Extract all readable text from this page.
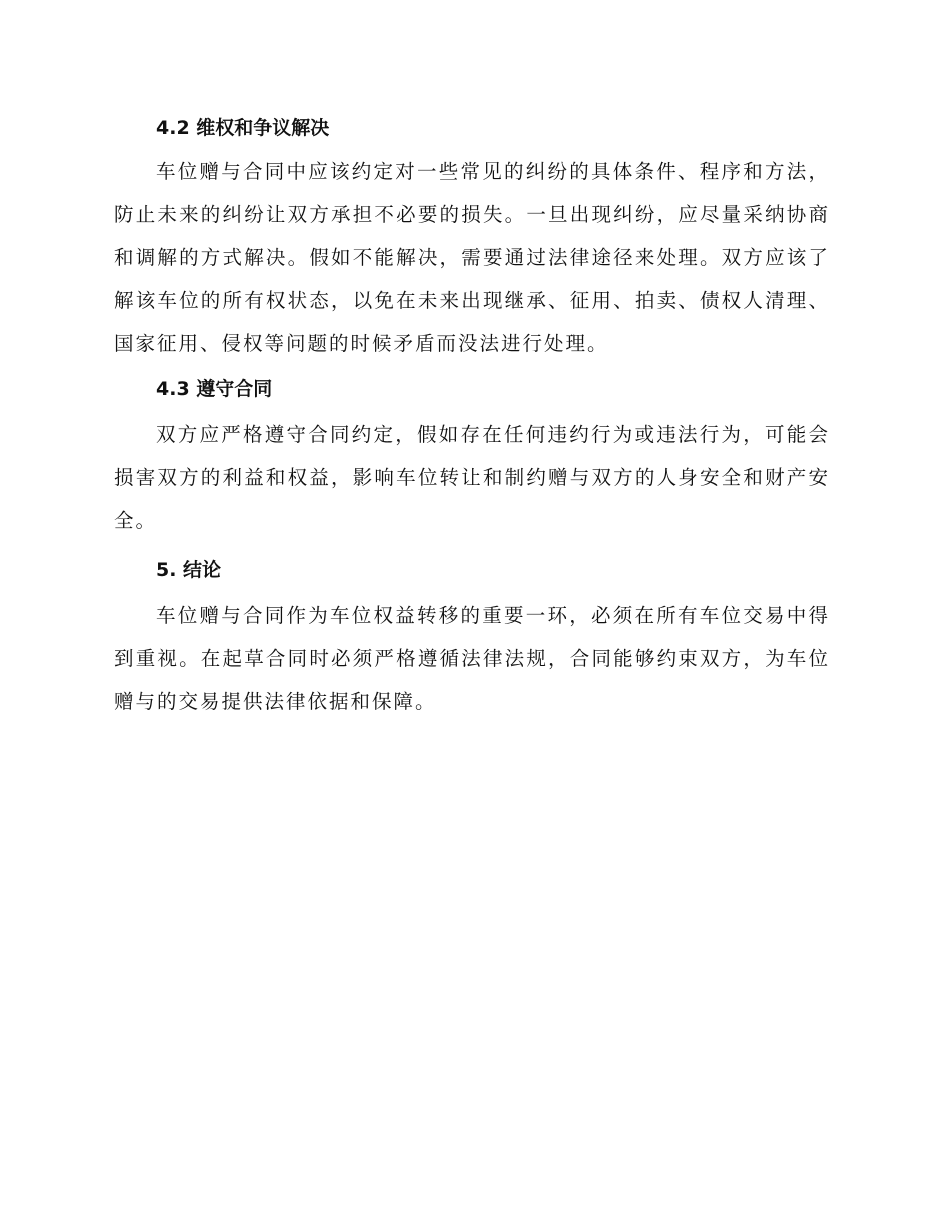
4.2 维权和争议解决

车位赠与合同中应该约定对一些常见的纠纷的具体条件、程序和方法，防止未来的纠纷让双方承担不必要的损失。一旦出现纠纷，应尽量采纳协商和调解的方式解决。假如不能解决，需要通过法律途径来处理。双方应该了解该车位的所有权状态，以免在未来出现继承、征用、拍卖、债权人清理、国家征用、侵权等问题的时候矛盾而没法进行处理。

4.3 遵守合同

双方应严格遵守合同约定，假如存在任何违约行为或违法行为，可能会损害双方的利益和权益，影响车位转让和制约赠与双方的人身安全和财产安全。

5. 结论

车位赠与合同作为车位权益转移的重要一环，必须在所有车位交易中得到重视。在起草合同时必须严格遵循法律法规，合同能够约束双方，为车位赠与的交易提供法律依据和保障。
